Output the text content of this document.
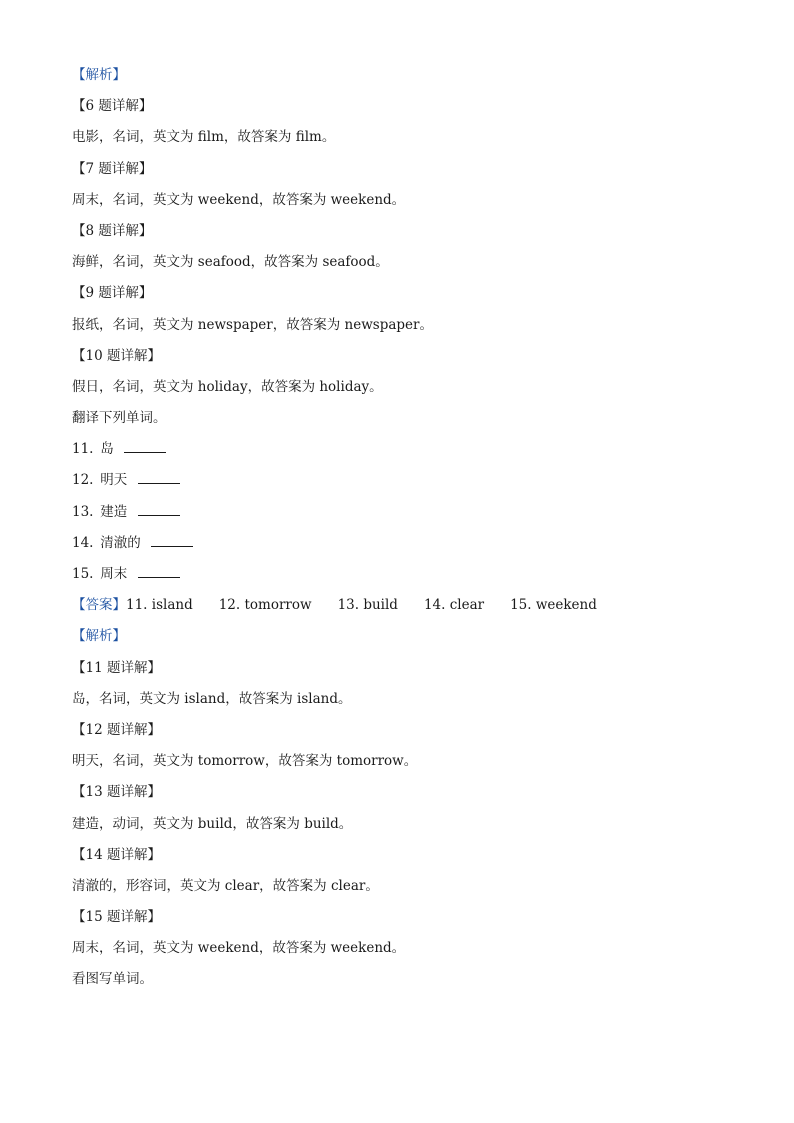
【解析】
【6 题详解】
电影，名词，英文为 film，故答案为 film。
【7 题详解】
周末，名词，英文为 weekend，故答案为 weekend。
【8 题详解】
海鲜，名词，英文为 seafood，故答案为 seafood。
【9 题详解】
报纸，名词，英文为 newspaper，故答案为 newspaper。
【10 题详解】
假日，名词，英文为 holiday，故答案为 holiday。
翻译下列单词。
11. 岛
12. 明天
13. 建造
14. 清澈的
15. 周末
【答案】11. island 12. tomorrow 13. build 14. clear 15. weekend
【解析】
【11 题详解】
岛，名词，英文为 island，故答案为 island。
【12 题详解】
明天，名词，英文为 tomorrow，故答案为 tomorrow。
【13 题详解】
建造，动词，英文为 build，故答案为 build。
【14 题详解】
清澈的，形容词，英文为 clear，故答案为 clear。
【15 题详解】
周末，名词，英文为 weekend，故答案为 weekend。
看图写单词。
